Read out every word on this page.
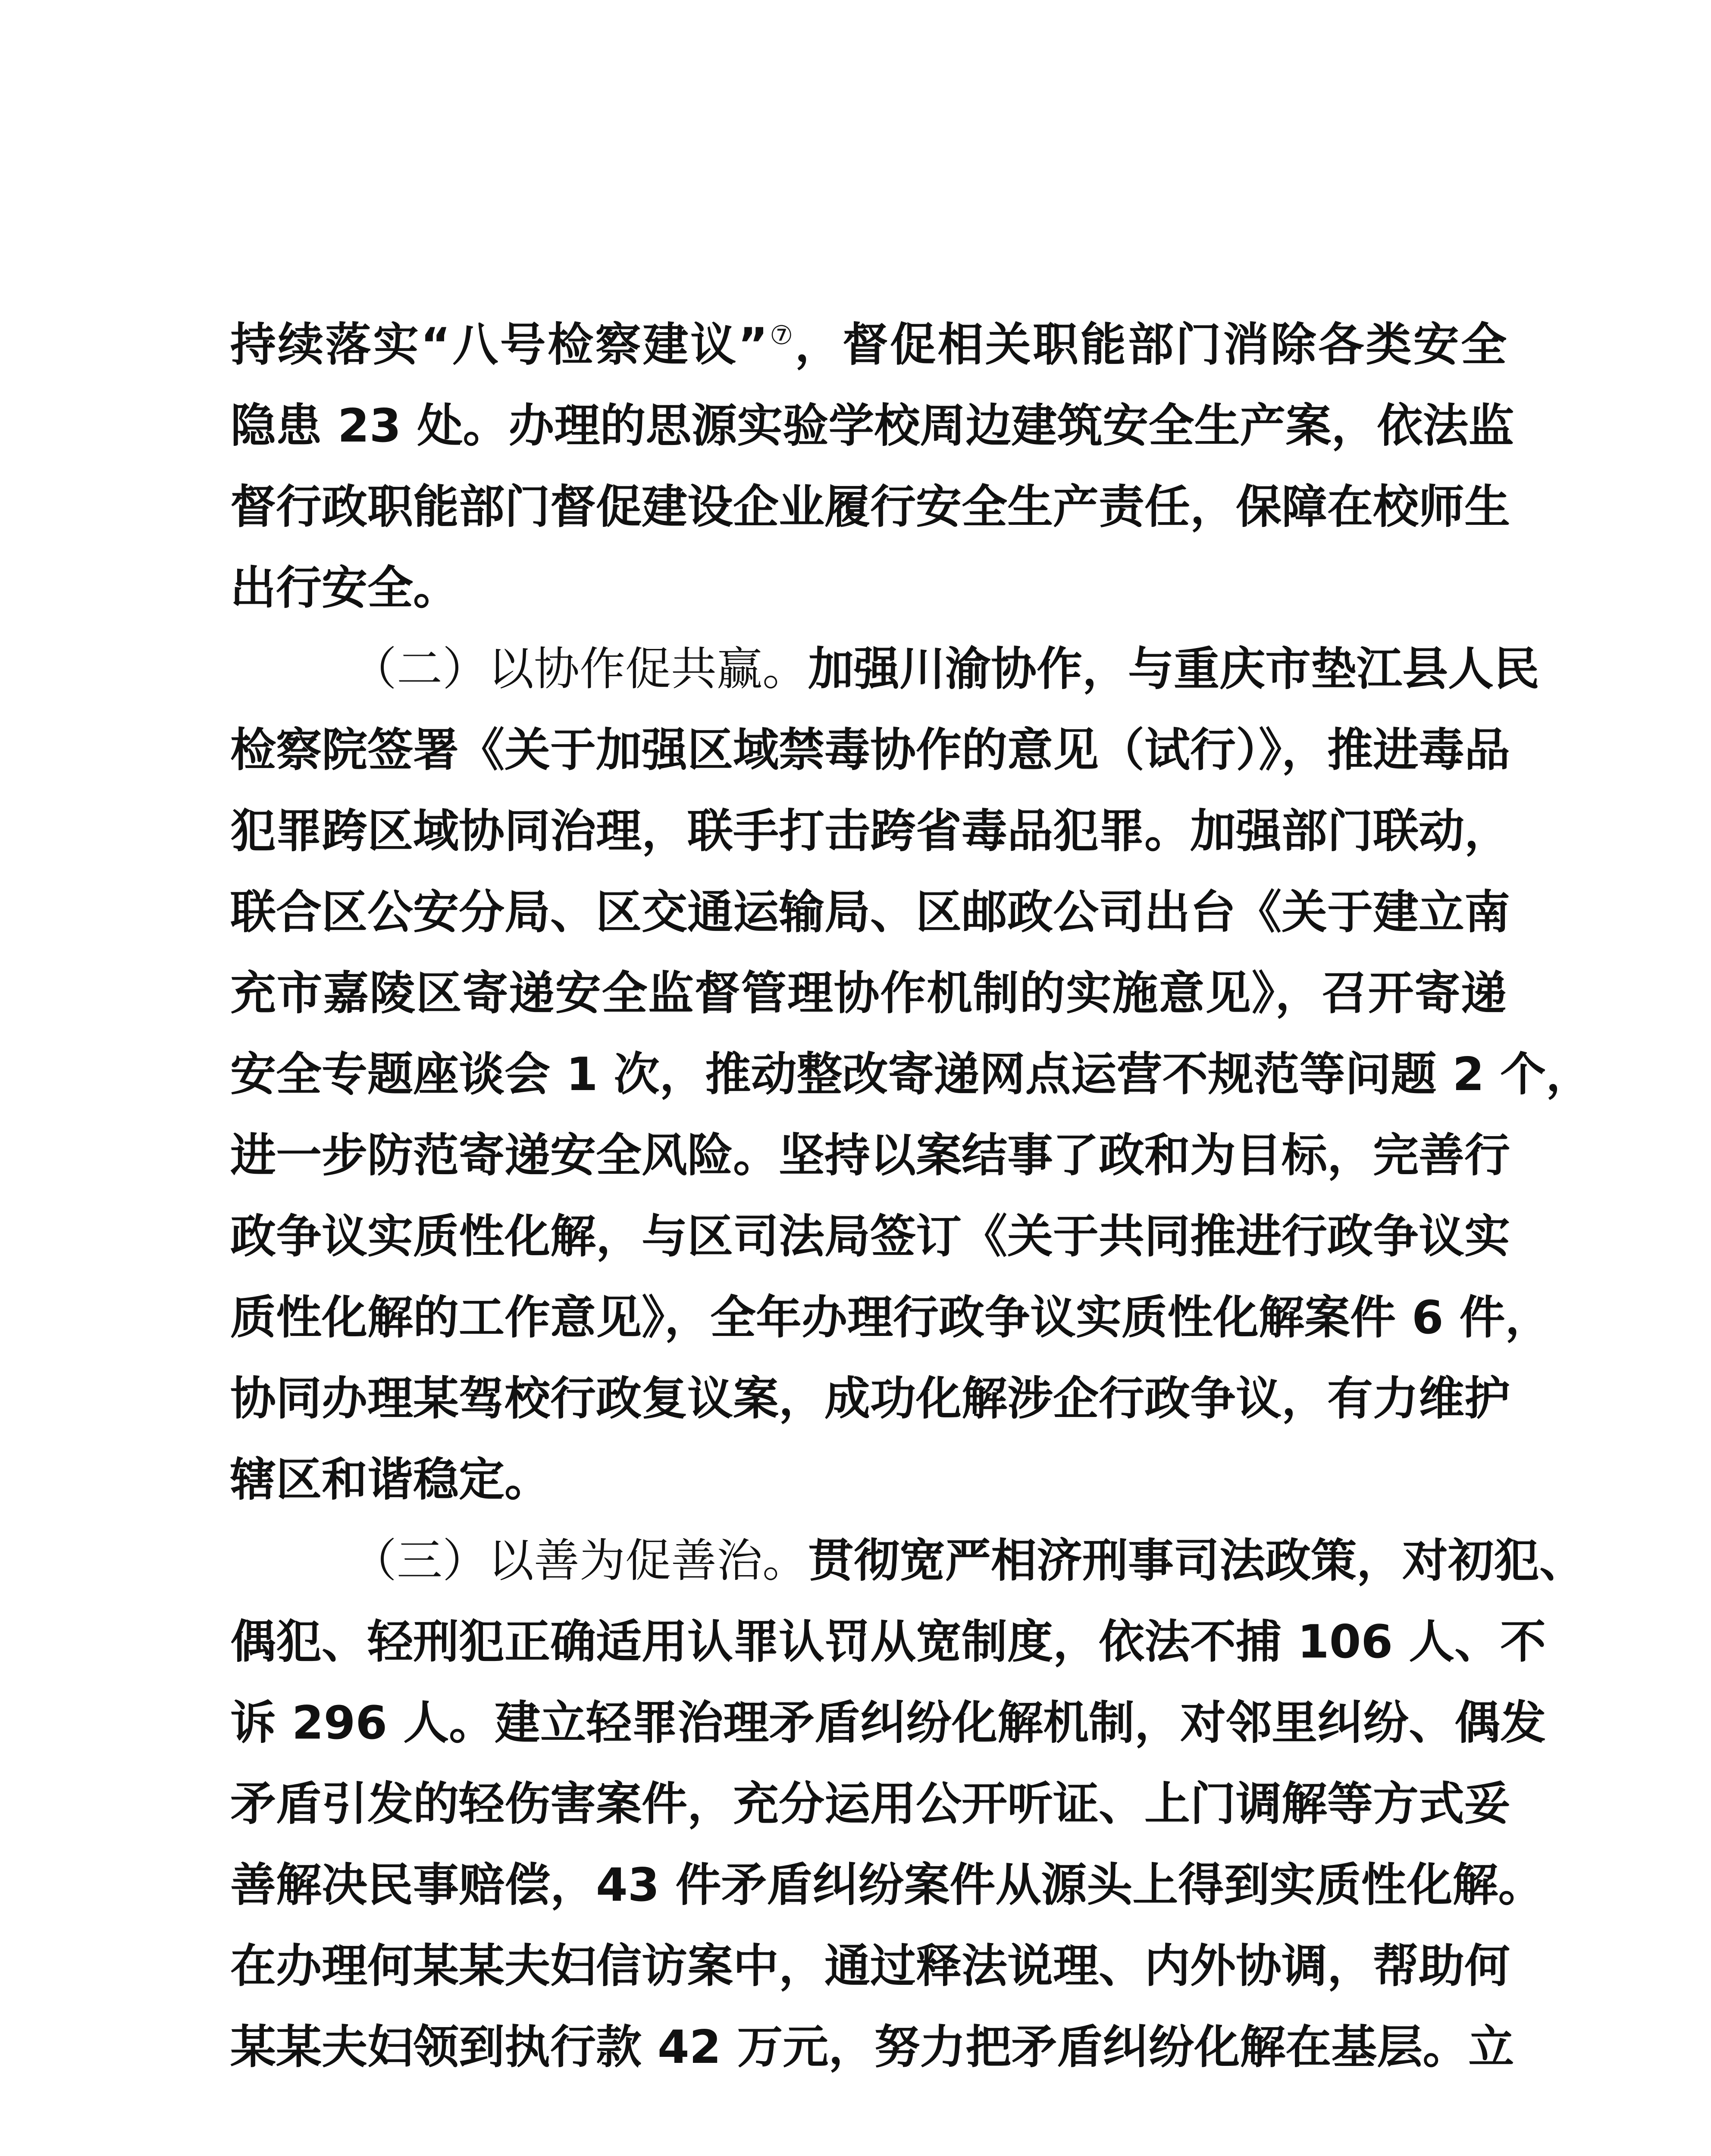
持续落实“八号检察建议”⑦，督促相关职能部门消除各类安全
隐患 23 处。办理的思源实验学校周边建筑安全生产案，依法监
督行政职能部门督促建设企业履行安全生产责任，保障在校师生
出行安全。
（二）以协作促共赢。加强川渝协作，与重庆市垫江县人民
检察院签署《关于加强区域禁毒协作的意见（试行）》，推进毒品
犯罪跨区域协同治理，联手打击跨省毒品犯罪。加强部门联动，
联合区公安分局、区交通运输局、区邮政公司出台《关于建立南
充市嘉陵区寄递安全监督管理协作机制的实施意见》，召开寄递
安全专题座谈会 1 次，推动整改寄递网点运营不规范等问题 2 个，
进一步防范寄递安全风险。坚持以案结事了政和为目标，完善行
政争议实质性化解，与区司法局签订《关于共同推进行政争议实
质性化解的工作意见》，全年办理行政争议实质性化解案件 6 件，
协同办理某驾校行政复议案，成功化解涉企行政争议，有力维护
辖区和谐稳定。
（三）以善为促善治。贯彻宽严相济刑事司法政策，对初犯、
偶犯、轻刑犯正确适用认罪认罚从宽制度，依法不捕 106 人、不
诉 296 人。建立轻罪治理矛盾纠纷化解机制，对邻里纠纷、偶发
矛盾引发的轻伤害案件，充分运用公开听证、上门调解等方式妥
善解决民事赔偿，43 件矛盾纠纷案件从源头上得到实质性化解。
在办理何某某夫妇信访案中，通过释法说理、内外协调，帮助何
某某夫妇领到执行款 42 万元，努力把矛盾纠纷化解在基层。立
